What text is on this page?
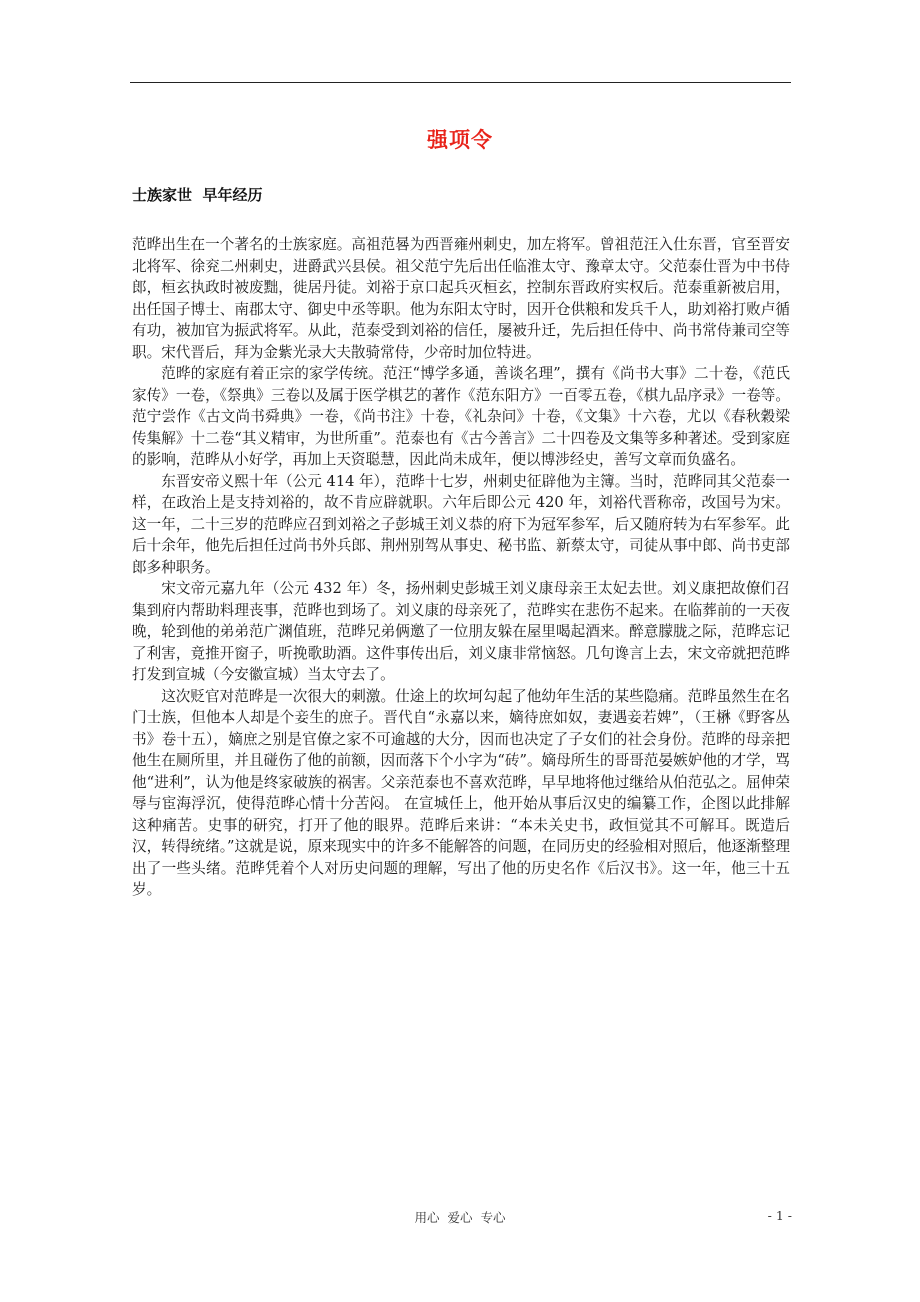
强项令
士族家世  早年经历

范晔出生在一个著名的士族家庭。高祖范晷为西晋雍州刺史，加左将军。曾祖范汪入仕东晋，官至晋安北将军、徐兖二州刺史，进爵武兴县侯。祖父范宁先后出任临淮太守、豫章太守。父范泰仕晋为中书侍郎，桓玄执政时被废黜，徙居丹徒。刘裕于京口起兵灭桓玄，控制东晋政府实权后。范泰重新被启用，出任国子博士、南郡太守、御史中丞等职。他为东阳太守时，因开仓供粮和发兵千人，助刘裕打败卢循有功，被加官为振武将军。从此，范泰受到刘裕的信任，屡被升迁，先后担任侍中、尚书常侍兼司空等职。宋代晋后，拜为金紫光录大夫散骑常侍，少帝时加位特进。

范晔的家庭有着正宗的家学传统。范汪“博学多通，善谈名理”，撰有《尚书大事》二十卷，《范氏家传》一卷，《祭典》三卷以及属于医学棋艺的著作《范东阳方》一百零五卷，《棋九品序录》一卷等。范宁尝作《古文尚书舜典》一卷，《尚书注》十卷，《礼杂问》十卷，《文集》十六卷，尤以《春秋穀梁传集解》十二卷“其义精审，为世所重”。范泰也有《古今善言》二十四卷及文集等多种著述。受到家庭的影响，范晔从小好学，再加上天资聪慧，因此尚未成年，便以博涉经史，善写文章而负盛名。

东晋安帝义熙十年（公元 414 年），范晔十七岁，州刺史征辟他为主簿。当时，范晔同其父范泰一样，在政治上是支持刘裕的，故不肯应辟就职。六年后即公元 420 年，刘裕代晋称帝，改国号为宋。这一年，二十三岁的范晔应召到刘裕之子彭城王刘义恭的府下为冠军参军，后又随府转为右军参军。此后十余年，他先后担任过尚书外兵郎、荆州别驾从事史、秘书监、新蔡太守，司徒从事中郎、尚书吏部郎多种职务。

宋文帝元嘉九年（公元 432 年）冬，扬州刺史彭城王刘义康母亲王太妃去世。刘义康把故僚们召集到府内帮助料理丧事，范晔也到场了。刘义康的母亲死了，范晔实在悲伤不起来。在临葬前的一天夜晚，轮到他的弟弟范广渊值班，范晔兄弟俩邀了一位朋友躲在屋里喝起酒来。醉意朦胧之际，范晔忘记了利害，竟推开窗子，听挽歌助酒。这件事传出后，刘义康非常恼怒。几句谗言上去，宋文帝就把范晔打发到宣城（今安徽宣城）当太守去了。

这次贬官对范晔是一次很大的刺激。仕途上的坎坷勾起了他幼年生活的某些隐痛。范晔虽然生在名门士族，但他本人却是个妾生的庶子。晋代自“永嘉以来，嫡待庶如奴，妻遇妾若婢”，（王楙《野客丛书》卷十五），嫡庶之别是官僚之家不可逾越的大分，因而也决定了子女们的社会身份。范晔的母亲把他生在厕所里，并且碰伤了他的前额，因而落下个小字为“砖”。嫡母所生的哥哥范晏嫉妒他的才学，骂他“进利”，认为他是终家破族的祸害。父亲范泰也不喜欢范晔，早早地将他过继给从伯范弘之。屈伸荣辱与宦海浮沉，使得范晔心情十分苦闷。 在宣城任上，他开始从事后汉史的编纂工作，企图以此排解这种痛苦。史事的研究，打开了他的眼界。范晔后来讲：“本未关史书，政恒觉其不可解耳。既造后汉，转得统绪。”这就是说，原来现实中的许多不能解答的问题，在同历史的经验相对照后，他逐渐整理出了一些头绪。范晔凭着个人对历史问题的理解，写出了他的历史名作《后汉书》。这一年，他三十五岁。

用心  爱心  专心	- 1 -
